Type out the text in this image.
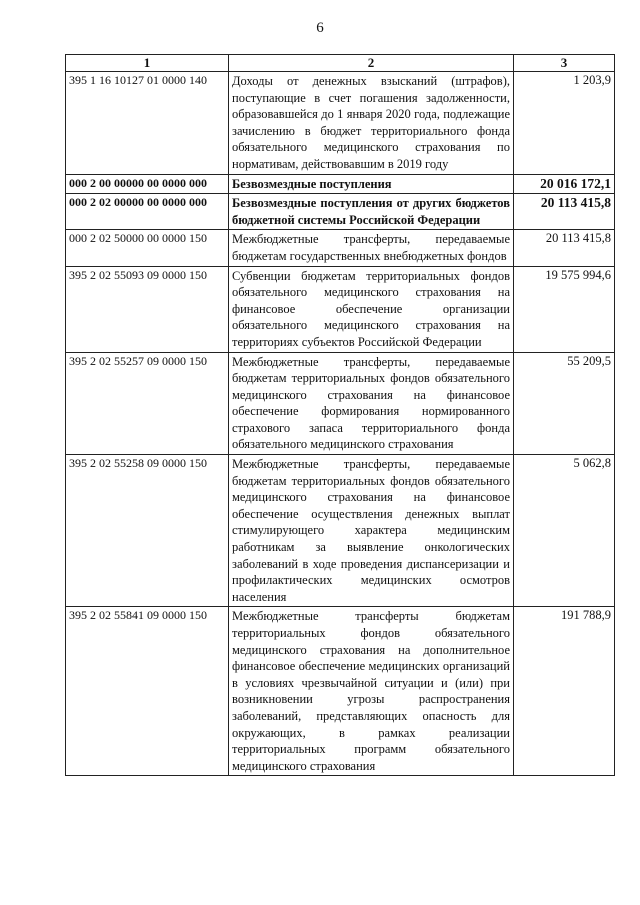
6
1	2	3
395 1 16 10127 01 0000 140	Доходы от денежных взысканий (штрафов), поступающие в счет погашения задолженности, образовавшейся до 1 января 2020 года, подлежащие зачислению в бюджет территориального фонда обязательного медицинского страхования по нормативам, действовавшим в 2019 году	1 203,9
000 2 00 00000 00 0000 000	Безвозмездные поступления	20 016 172,1
000 2 02 00000 00 0000 000	Безвозмездные поступления от других бюджетов бюджетной системы Российской Федерации	20 113 415,8
000 2 02 50000 00 0000 150	Межбюджетные трансферты, передаваемые бюджетам государственных внебюджетных фондов	20 113 415,8
395 2 02 55093 09 0000 150	Субвенции бюджетам территориальных фондов обязательного медицинского страхования на финансовое обеспечение организации обязательного медицинского страхования на территориях субъектов Российской Федерации	19 575 994,6
395 2 02 55257 09 0000 150	Межбюджетные трансферты, передаваемые бюджетам территориальных фондов обязательного медицинского страхования на финансовое обеспечение формирования нормированного страхового запаса территориального фонда обязательного медицинского страхования	55 209,5
395 2 02 55258 09 0000 150	Межбюджетные трансферты, передаваемые бюджетам территориальных фондов обязательного медицинского страхования на финансовое обеспечение осуществления денежных выплат стимулирующего характера медицинским работникам за выявление онкологических заболеваний в ходе проведения диспансеризации и профилактических медицинских осмотров населения	5 062,8
395 2 02 55841 09 0000 150	Межбюджетные трансферты бюджетам территориальных фондов обязательного медицинского страхования на дополнительное финансовое обеспечение медицинских организаций в условиях чрезвычайной ситуации и (или) при возникновении угрозы распространения заболеваний, представляющих опасность для окружающих, в рамках реализации территориальных программ обязательного медицинского страхования	191 788,9
